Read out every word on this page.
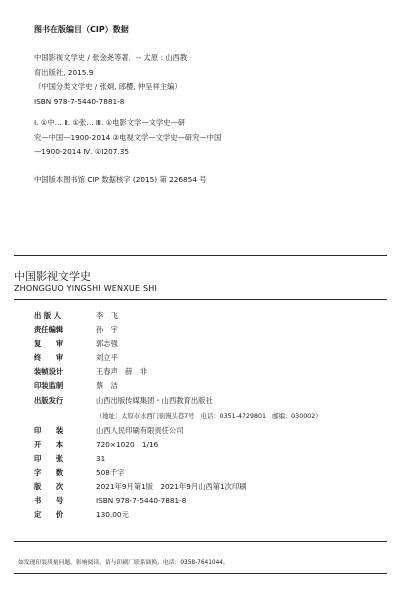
图书在版编目（CIP）数据
中国影视文学史 / 张金尧等著．-- 太原 : 山西教
育出版社, 2015.9
（中国分类文学史 / 张炯, 郎樱, 仲呈祥主编）
ISBN 978-7-5440-7881-8
Ⅰ. ①中… Ⅱ. ①张… Ⅲ. ①电影文学—文学史—研
究—中国—1900-2014 ②电视文学—文学史—研究—中国
—1900-2014 Ⅳ. ①I207.35
中国版本图书馆 CIP 数据核字 (2015) 第 226854 号
中国影视文学史
ZHONGGUO YINGSHI WENXUE SHI
出 版 人	李　飞
责任编辑	孙　宇
复　　审	郭志强
终　　审	刘立平
装帧设计	王春声　薛　非
印装监制	蔡　洁
出版发行	山西出版传媒集团・山西教育出版社
（地址：太原市水西门街馒头巷7号　电话：0351-4729801　邮编：030002）
印　　装	山西人民印刷有限责任公司
开　　本	720×1020　1/16
印　　张	31
字　　数	508千字
版　　次	2021年9月第1版　2021年9月山西第1次印刷
书　　号	ISBN 978-7-5440-7881-8
定　　价	130.00元
如发现印装质量问题，影响阅读，请与印刷厂联系调换。电话：0358-7641044。
